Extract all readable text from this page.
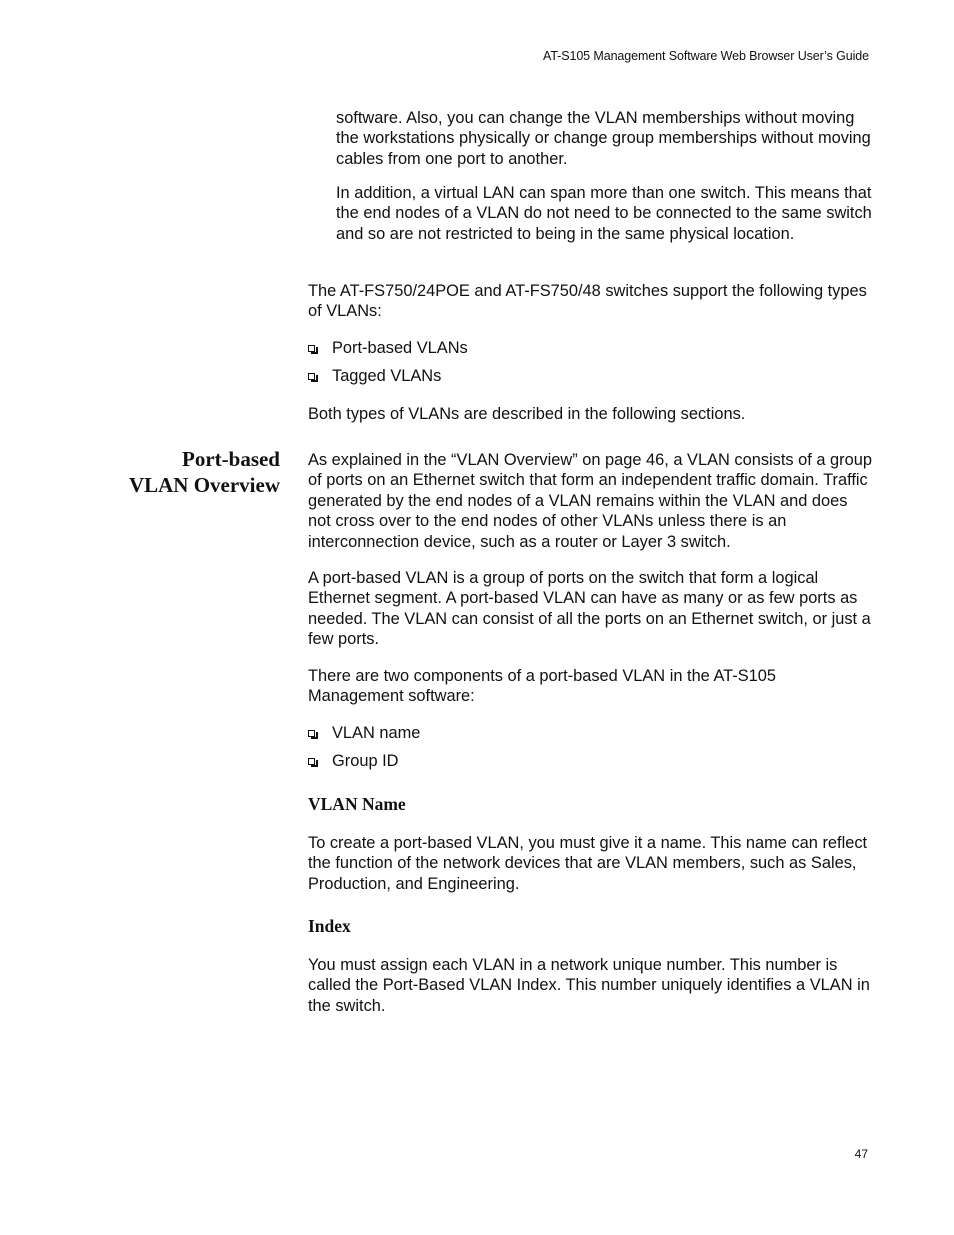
AT-S105 Management Software Web Browser User’s Guide

software. Also, you can change the VLAN memberships without moving the workstations physically or change group memberships without moving cables from one port to another.

In addition, a virtual LAN can span more than one switch. This means that the end nodes of a VLAN do not need to be connected to the same switch and so are not restricted to being in the same physical location.

The AT-FS750/24POE and AT-FS750/48 switches support the following types of VLANs:

Port-based VLANs
Tagged VLANs

Both types of VLANs are described in the following sections.

Port-based
VLAN Overview

As explained in the “VLAN Overview” on page 46, a VLAN consists of a group of ports on an Ethernet switch that form an independent traffic domain. Traffic generated by the end nodes of a VLAN remains within the VLAN and does not cross over to the end nodes of other VLANs unless there is an interconnection device, such as a router or Layer 3 switch.

A port-based VLAN is a group of ports on the switch that form a logical Ethernet segment. A port-based VLAN can have as many or as few ports as needed. The VLAN can consist of all the ports on an Ethernet switch, or just a few ports.

There are two components of a port-based VLAN in the AT-S105 Management software:

VLAN name
Group ID
VLAN Name

To create a port-based VLAN, you must give it a name. This name can reflect the function of the network devices that are VLAN members, such as Sales, Production, and Engineering.

Index

You must assign each VLAN in a network unique number. This number is called the Port-Based VLAN Index. This number uniquely identifies a VLAN in the switch.

47
